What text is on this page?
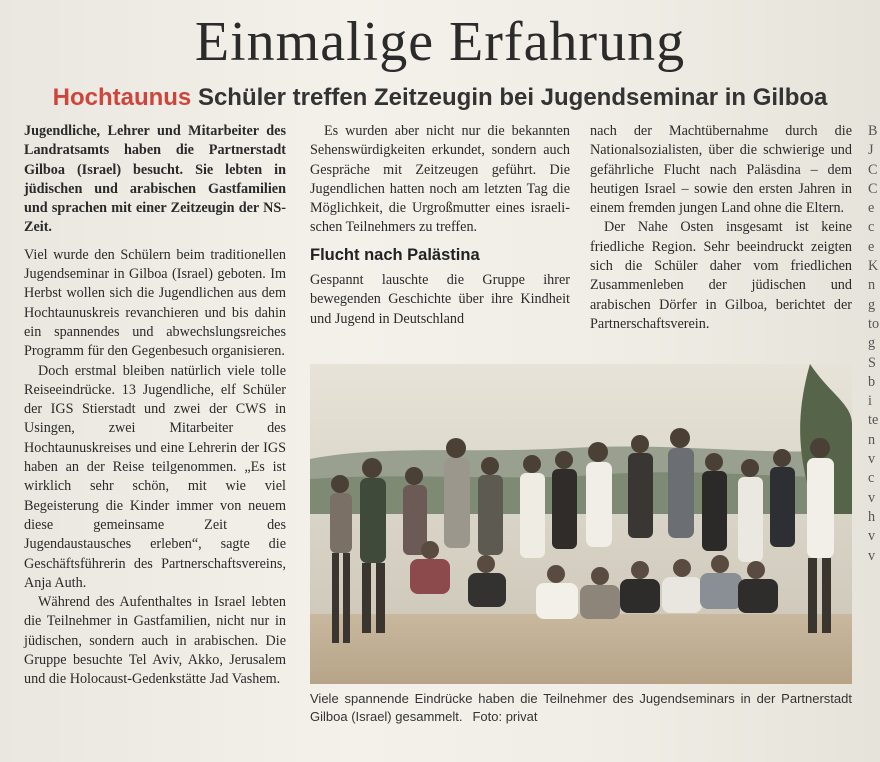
Einmalige Erfahrung
Hochtaunus Schüler treffen Zeitzeugin bei Jugendseminar in Gilboa

Jugendliche, Lehrer und Mitarbeiter des Landratsamts haben die Partnerstadt Gilboa (Israel) besucht. Sie lebten in jüdischen und arabischen Gastfamilien und sprachen mit einer Zeitzeugin der NS-Zeit.

Viel wurde den Schülern beim traditionellen Jugendseminar in Gilboa (Israel) geboten. Im Herbst wollen sich die Jugendlichen aus dem Hochtaunuskreis revanchieren und bis dahin ein spannendes und abwechslungsreiches Programm für den Gegenbesuch organisieren.

Doch erstmal bleiben natürlich viele tolle Reiseeindrücke. 13 Jugendliche, elf Schüler der IGS Stierstadt und zwei der CWS in Usingen, zwei Mitarbeiter des Hochtaunuskreises und eine Lehrerin der IGS haben an der Reise teilgenommen. „Es ist wirklich sehr schön, mit wie viel Begeisterung die Kinder immer von neuem diese gemeinsame Zeit des Jugendaustausches erleben“, sagte die Geschäftsführerin des Partnerschaftsvereins, Anja Auth.

Während des Aufenthaltes in Israel lebten die Teilnehmer in Gastfamilien, nicht nur in jüdischen, sondern auch in arabischen. Die Gruppe besuchte Tel Aviv, Akko, Jerusalem und die Holocaust-Gedenkstätte Jad Vashem.

Es wurden aber nicht nur die bekannten Sehenswürdigkeiten erkundet, sondern auch Gespräche mit Zeitzeugen geführt. Die Jugendlichen hatten noch am letzten Tag die Möglichkeit, die Urgroßmutter eines israelischen Teilnehmers zu treffen.

Flucht nach Palästina

Gespannt lauschte die Gruppe ihrer bewegenden Geschichte über ihre Kindheit und Jugend in Deutschland

nach der Machtübernahme durch die Nationalsozialisten, über die schwierige und gefährliche Flucht nach Paläsdina – dem heutigen Israel – sowie den ersten Jahren in einem fremden jungen Land ohne die Eltern.

Der Nahe Osten insgesamt ist keine friedliche Region. Sehr beeindruckt zeigten sich die Schüler daher vom friedlichen Zusammenleben der jüdischen und arabischen Dörfer in Gilboa, berichtet der Partnerschaftsverein.

B J C C e c e K n g to g S b i te n v c v h v v
Viele spannende Eindrücke haben die Teilnehmer des Jugendseminars in der Partnerstadt Gilboa (Israel) gesammelt. Foto: privat
